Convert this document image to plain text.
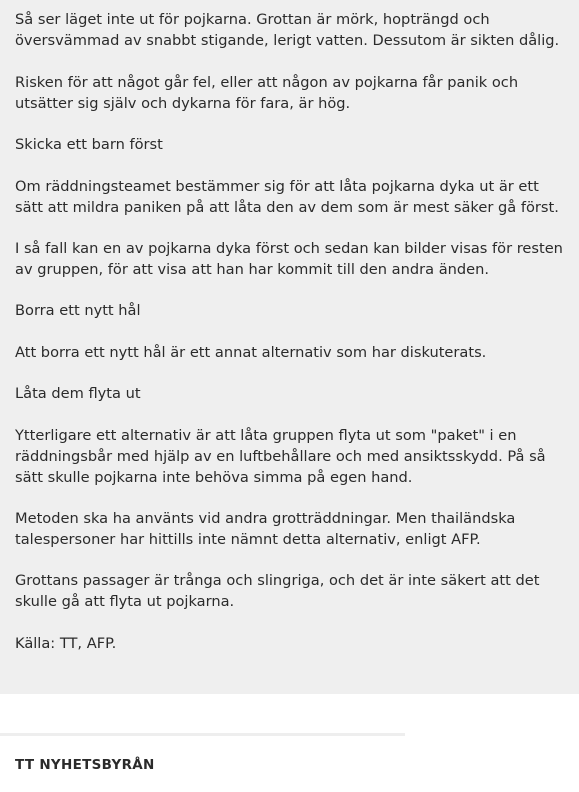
Så ser läget inte ut för pojkarna. Grottan är mörk, hopträngd och
översvämmad av snabbt stigande, lerigt vatten. Dessutom är sikten dålig.

Risken för att något går fel, eller att någon av pojkarna får panik och
utsätter sig själv och dykarna för fara, är hög.

Skicka ett barn först

Om räddningsteamet bestämmer sig för att låta pojkarna dyka ut är ett
sätt att mildra paniken på att låta den av dem som är mest säker gå först.

I så fall kan en av pojkarna dyka först och sedan kan bilder visas för resten
av gruppen, för att visa att han har kommit till den andra änden.

Borra ett nytt hål

Att borra ett nytt hål är ett annat alternativ som har diskuterats.

Låta dem flyta ut

Ytterligare ett alternativ är att låta gruppen flyta ut som "paket" i en
räddningsbår med hjälp av en luftbehållare och med ansiktsskydd. På så
sätt skulle pojkarna inte behöva simma på egen hand.

Metoden ska ha använts vid andra grotträddningar. Men thailändska
talespersoner har hittills inte nämnt detta alternativ, enligt AFP.

Grottans passager är trånga och slingriga, och det är inte säkert att det
skulle gå att flyta ut pojkarna.

Källa: TT, AFP.

TT NYHETSBYRÅN
